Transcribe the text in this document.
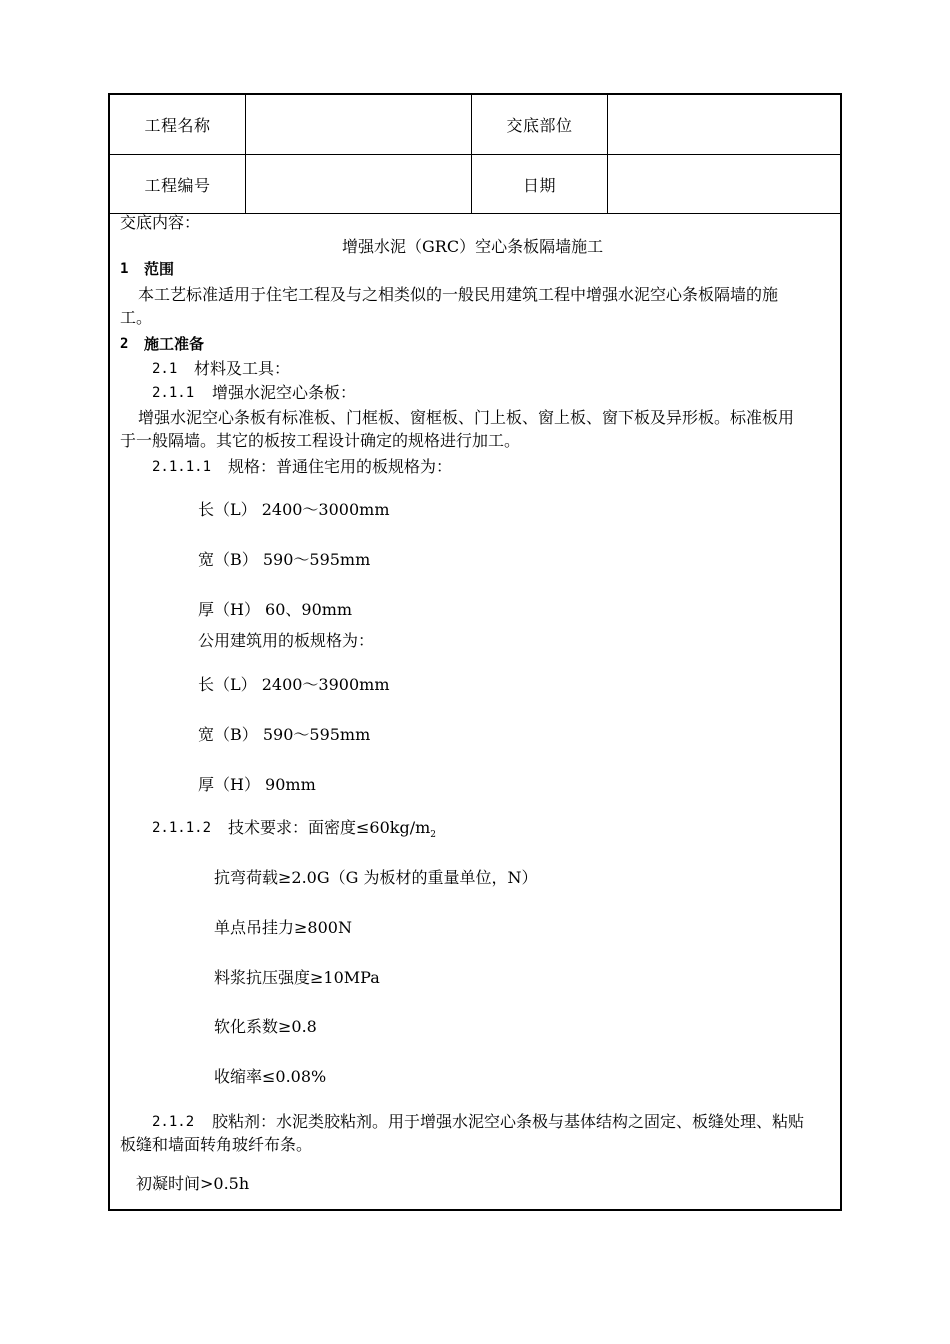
工程名称	交底部位
工程编号	日期
交底内容：
增强水泥（GRC）空心条板隔墙施工
1 范围
本工艺标准适用于住宅工程及与之相类似的一般民用建筑工程中增强水泥空心条板隔墙的施
工。
2 施工准备
2.1 材料及工具：
2.1.1 增强水泥空心条板：
增强水泥空心条板有标准板、门框板、窗框板、门上板、窗上板、窗下板及异形板。标准板用
于一般隔墙。其它的板按工程设计确定的规格进行加工。
2.1.1.1 规格：普通住宅用的板规格为：
长（L） 2400～3000mm
宽（B） 590～595mm
厚（H） 60、90mm
公用建筑用的板规格为：
长（L） 2400～3900mm
宽（B） 590～595mm
厚（H） 90mm
2.1.1.2 技术要求：面密度$\le 60kg/m_2$
抗弯荷载≥2.0G（G 为板材的重量单位，N）
单点吊挂力≥800N
料浆抗压强度≥10MPa
软化系数≥0.8
收缩率≤0.08%
2.1.2 胶粘剂：水泥类胶粘剂。用于增强水泥空心条极与基体结构之固定、板缝处理、粘贴
板缝和墙面转角玻纤布条。
初凝时间>0.5h
